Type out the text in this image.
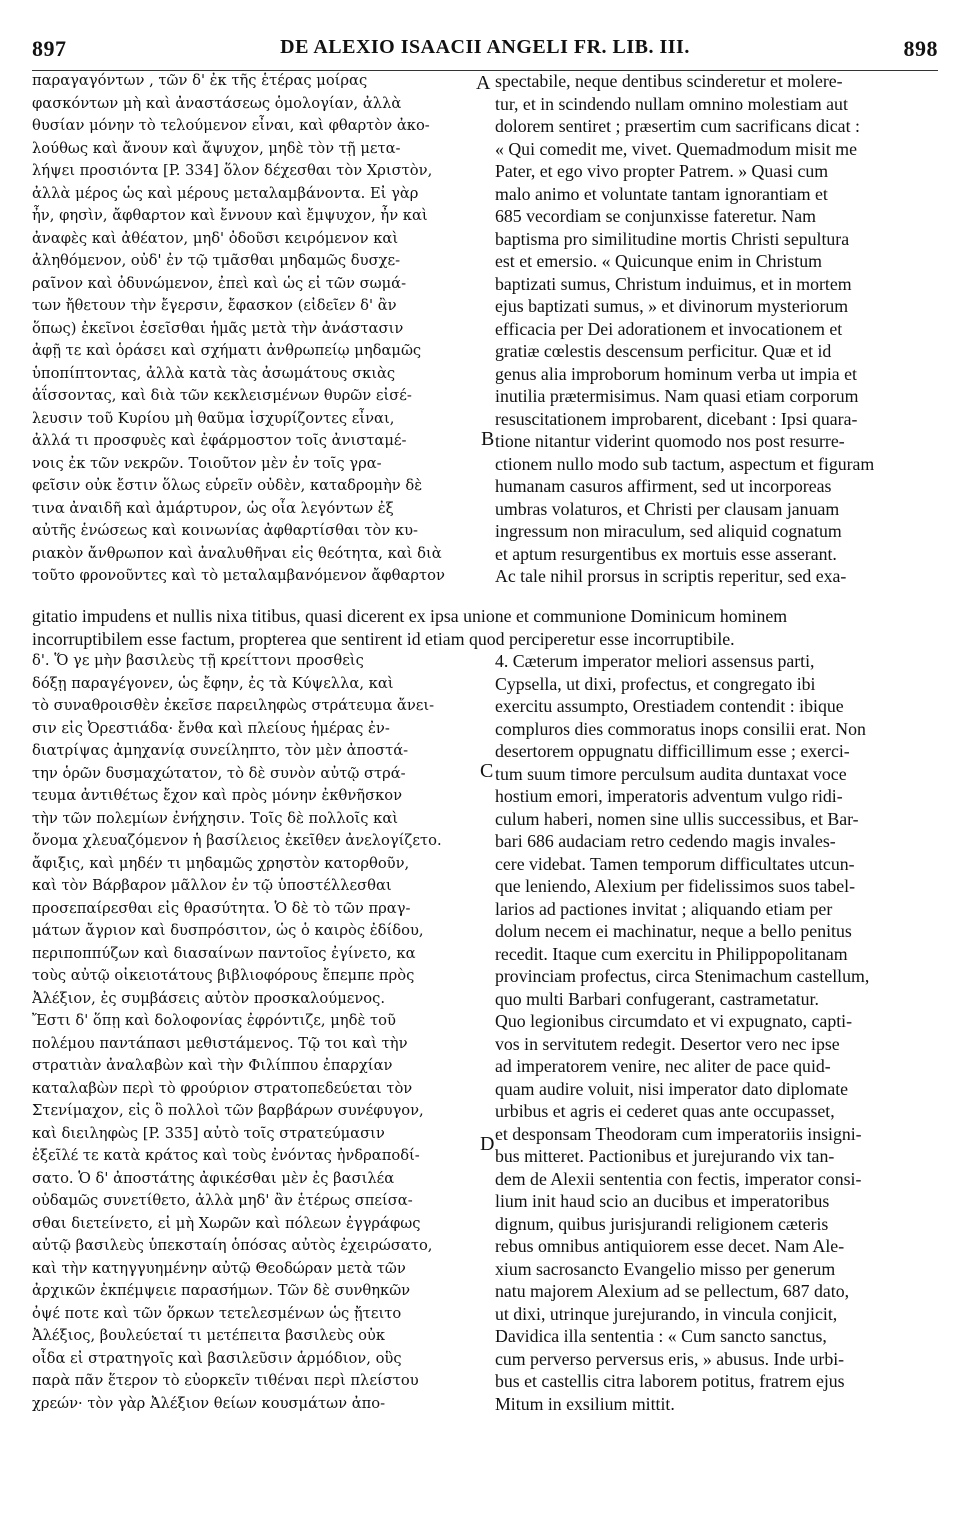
897	DE ALEXIO ISAACII ANGELI FR. LIB. III.	898
παραγαγόντων , τῶν δ' ἐκ τῆς ἑτέρας μοίρας
φασκόντων μὴ καὶ ἀναστάσεως ὁμολογίαν, ἀλλὰ
θυσίαν μόνην τὸ τελούμενον εἶναι, καὶ φθαρτὸν ἀκο-
λούθως καὶ ἄνουν καὶ ἄψυχον, μηδὲ τὸν τῇ μετα-
λήψει προσιόντα [P. 334] ὅλον δέχεσθαι τὸν Χριστὸν,
ἀλλὰ μέρος ὡς καὶ μέρους μεταλαμβάνοντα. Εἰ γὰρ
ἦν, φησὶν, ἄφθαρτον καὶ ἔννουν καὶ ἔμψυχον, ἦν καὶ
ἀναφὲς καὶ ἀθέατον, μηδ' ὀδοῦσι κειρόμενον καὶ
ἀληθόμενον, οὐδ' ἐν τῷ τμᾶσθαι μηδαμῶς δυσχε-
ραῖνον καὶ ὀδυνώμενον, ἐπεὶ καὶ ὡς εἰ τῶν σωμά-
των ἤθετουν τὴν ἔγερσιν, ἔφασκον (εἰδεῖεν δ' ἂν
ὅπως) ἐκεῖνοι ἐσεῖσθαι ἡμᾶς μετὰ τὴν ἀνάστασιν
ἀφῇ τε καὶ ὁράσει καὶ σχήματι ἀνθρωπείῳ μηδαμῶς
ὑποπίπτοντας, ἀλλὰ κατὰ τὰς ἀσωμάτους σκιὰς
ἀΐσσοντας, καὶ διὰ τῶν κεκλεισμένων θυρῶν εἰσέ-
λευσιν τοῦ Κυρίου μὴ θαῦμα ἰσχυρίζοντες εἶναι,
ἀλλά τι προσφυὲς καὶ ἐφάρμοστον τοῖς ἀνισταμέ-
νοις ἐκ τῶν νεκρῶν. Τοιοῦτον μὲν ἐν τοῖς γρα-
φεῖσιν οὐκ ἔστιν ὅλως εὑρεῖν οὐδὲν, καταδρομὴν δὲ
τινα ἀναιδῆ καὶ ἀμάρτυρον, ὡς οἷα λεγόντων ἐξ
αὐτῆς ἑνώσεως καὶ κοινωνίας ἀφθαρτίσθαι τὸν κυ-
ριακὸν ἄνθρωπον καὶ ἀναλυθῆναι εἰς θεότητα, καὶ διὰ
τοῦτο φρονοῦντες καὶ τὸ μεταλαμβανόμενον ἄφθαρτον
spectabile, neque dentibus scinderetur et molere-
tur, et in scindendo nullam omnino molestiam aut
dolorem sentiret ; præsertim cum sacrificans dicat :
« Qui comedit me, vivet. Quemadmodum misit me
Pater, et ego vivo propter Patrem. » Quasi cum
malo animo et voluntate tantam ignorantiam et
685 vecordiam se conjunxisse fateretur. Nam
baptisma pro similitudine mortis Christi sepultura
est et emersio. « Quicunque enim in Christum
baptizati sumus, Christum induimus, et in mortem
ejus baptizati sumus, » et divinorum mysteriorum
efficacia per Dei adorationem et invocationem et
gratiæ cœlestis descensum perficitur. Quæ et id
genus alia improborum hominum verba ut impia et
inutilia prætermisimus. Nam quasi etiam corporum
resuscitationem improbarent, dicebant : Ipsi quara-
tione nitantur viderint quomodo nos post resurre-
ctionem nullo modo sub tactum, aspectum et figuram
humanam casuros affirment, sed ut incorporeas
umbras volaturos, et Christi per clausam januam
ingressum non miraculum, sed aliquid cognatum
et aptum resurgentibus ex mortuis esse asserant.
Ac tale nihil prorsus in scriptis reperitur, sed exa-
gitatio impudens et nullis nixa titibus, quasi dicerent ex ipsa unione et communione Dominicum hominem
incorruptibilem esse factum, propterea que sentirent id etiam quod perciperetur esse incorruptibile.
δ'. Ὅ γε μὴν βασιλεὺς τῇ κρείττονι προσθεὶς
δόξῃ παραγέγονεν, ὡς ἔφην, ἐς τὰ Κύψελλα, καὶ
τὸ συναθροισθὲν ἐκεῖσε παρειληφὼς στράτευμα ἄνει-
σιν εἰς Ὀρεστιάδα· ἔνθα καὶ πλείους ἡμέρας ἐν-
διατρίψας ἀμηχανίᾳ συνείληπτο, τὸν μὲν ἀποστά-
την ὁρῶν δυσμαχώτατον, τὸ δὲ συνὸν αὐτῷ στρά-
τευμα ἀντιθέτως ἔχον καὶ πρὸς μόνην ἐκθνῆσκον
τὴν τῶν πολεμίων ἐνήχησιν. Τοῖς δὲ πολλοῖς καὶ
ὄνομα χλευαζόμενον ἡ βασίλειος ἐκεῖθεν ἀνελογίζετο.
ἄφιξις, καὶ μηδέν τι μηδαμῶς χρηστὸν κατορθοῦν,
καὶ τὸν Βάρβαρον μᾶλλον ἐν τῷ ὑποστέλλεσθαι
προσεπαίρεσθαι εἰς θρασύτητα. Ὁ δὲ τὸ τῶν πραγ-
μάτων ἄγριον καὶ δυσπρόσιτον, ὡς ὁ καιρὸς ἐδίδου,
περιποππύζων καὶ διασαίνων παντοῖος ἐγίνετο, κα
τοὺς αὐτῷ οἰκειοτάτους βιβλιοφόρους ἔπεμπε πρὸς
Ἀλέξιον, ἐς συμβάσεις αὐτὸν προσκαλούμενος.
Ἔστι δ' ὅπῃ καὶ δολοφονίας ἐφρόντιζε, μηδὲ τοῦ
πολέμου παντάπασι μεθιστάμενος. Τῷ τοι καὶ τὴν
στρατιὰν ἀναλαβὼν καὶ τὴν Φιλίππου ἐπαρχίαν
καταλαβὼν περὶ τὸ φρούριον στρατοπεδεύεται τὸν
Στενίμαχον, εἰς ὃ πολλοὶ τῶν βαρβάρων συνέφυγον,
καὶ διειληφὼς [P. 335] αὐτὸ τοῖς στρατεύμασιν
ἐξεῖλέ τε κατὰ κράτος καὶ τοὺς ἐνόντας ἠνδραποδί-
σατο. Ὁ δ' ἀποστάτης ἀφικέσθαι μὲν ἐς βασιλέα
οὐδαμῶς συνετίθετο, ἀλλὰ μηδ' ἂν ἑτέρως σπείσα-
σθαι διετείνετο, εἰ μὴ Χωρῶν καὶ πόλεων ἐγγράφως
αὐτῷ βασιλεὺς ὑπεκσταίη ὁπόσας αὐτὸς ἐχειρώσατο,
καὶ τὴν κατηγγυημένην αὐτῷ Θεοδώραν μετὰ τῶν
ἀρχικῶν ἐκπέμψειε παρασήμων. Τῶν δὲ συνθηκῶν
ὀψέ ποτε καὶ τῶν ὅρκων τετελεσμένων ὡς ᾔτειτο
Ἀλέξιος, βουλεύεταί τι μετέπειτα βασιλεὺς οὐκ
οἶδα εἰ στρατηγοῖς καὶ βασιλεῦσιν ἁρμόδιον, οὓς
παρὰ πᾶν ἕτερον τὸ εὐορκεῖν τιθέναι περὶ πλείστου
χρεών· τὸν γὰρ Ἀλέξιον θείων κουσμάτων ἀπο-
4. Cæterum imperator meliori assensus parti,
Cypsella, ut dixi, profectus, et congregato ibi
exercitu assumpto, Orestiadem contendit : ibique
compluros dies commoratus inops consilii erat. Non
desertorem oppugnatu difficillimum esse ; exerci-
tum suum timore perculsum audita duntaxat voce
hostium emori, imperatoris adventum vulgo ridi-
culum haberi, nomen sine ullis successibus, et Bar-
bari 686 audaciam retro cedendo magis invales-
cere videbat. Tamen temporum difficultates utcun-
que leniendo, Alexium per fidelissimos suos tabel-
larios ad pactiones invitat ; aliquando etiam per
dolum necem ei machinatur, neque a bello penitus
recedit. Itaque cum exercitu in Philippopolitanam
provinciam profectus, circa Stenimachum castellum,
quo multi Barbari confugerant, castrametatur.
Quo legionibus circumdato et vi expugnato, capti-
vos in servitutem redegit. Desertor vero nec ipse
ad imperatorem venire, nec aliter de pace quid-
quam audire voluit, nisi imperator dato diplomate
urbibus et agris ei cederet quas ante occupasset,
et desponsam Theodoram cum imperatoriis insigni-
bus mitteret. Pactionibus et jurejurando vix tan-
dem de Alexii sententia con fectis, imperator consi-
lium init haud scio an ducibus et imperatoribus
dignum, quibus jurisjurandi religionem cæteris
rebus omnibus antiquiorem esse decet. Nam Ale-
xium sacrosancto Evangelio misso per generum
natu majorem Alexium ad se pellectum, 687 dato,
ut dixi, utrinque jurejurando, in vincula conjicit,
Davidica illa sententia : « Cum sancto sanctus,
cum perverso perversus eris, » abusus. Inde urbi-
bus et castellis citra laborem potitus, fratrem ejus
Mitum in exsilium mittit.
A
B
C
D
